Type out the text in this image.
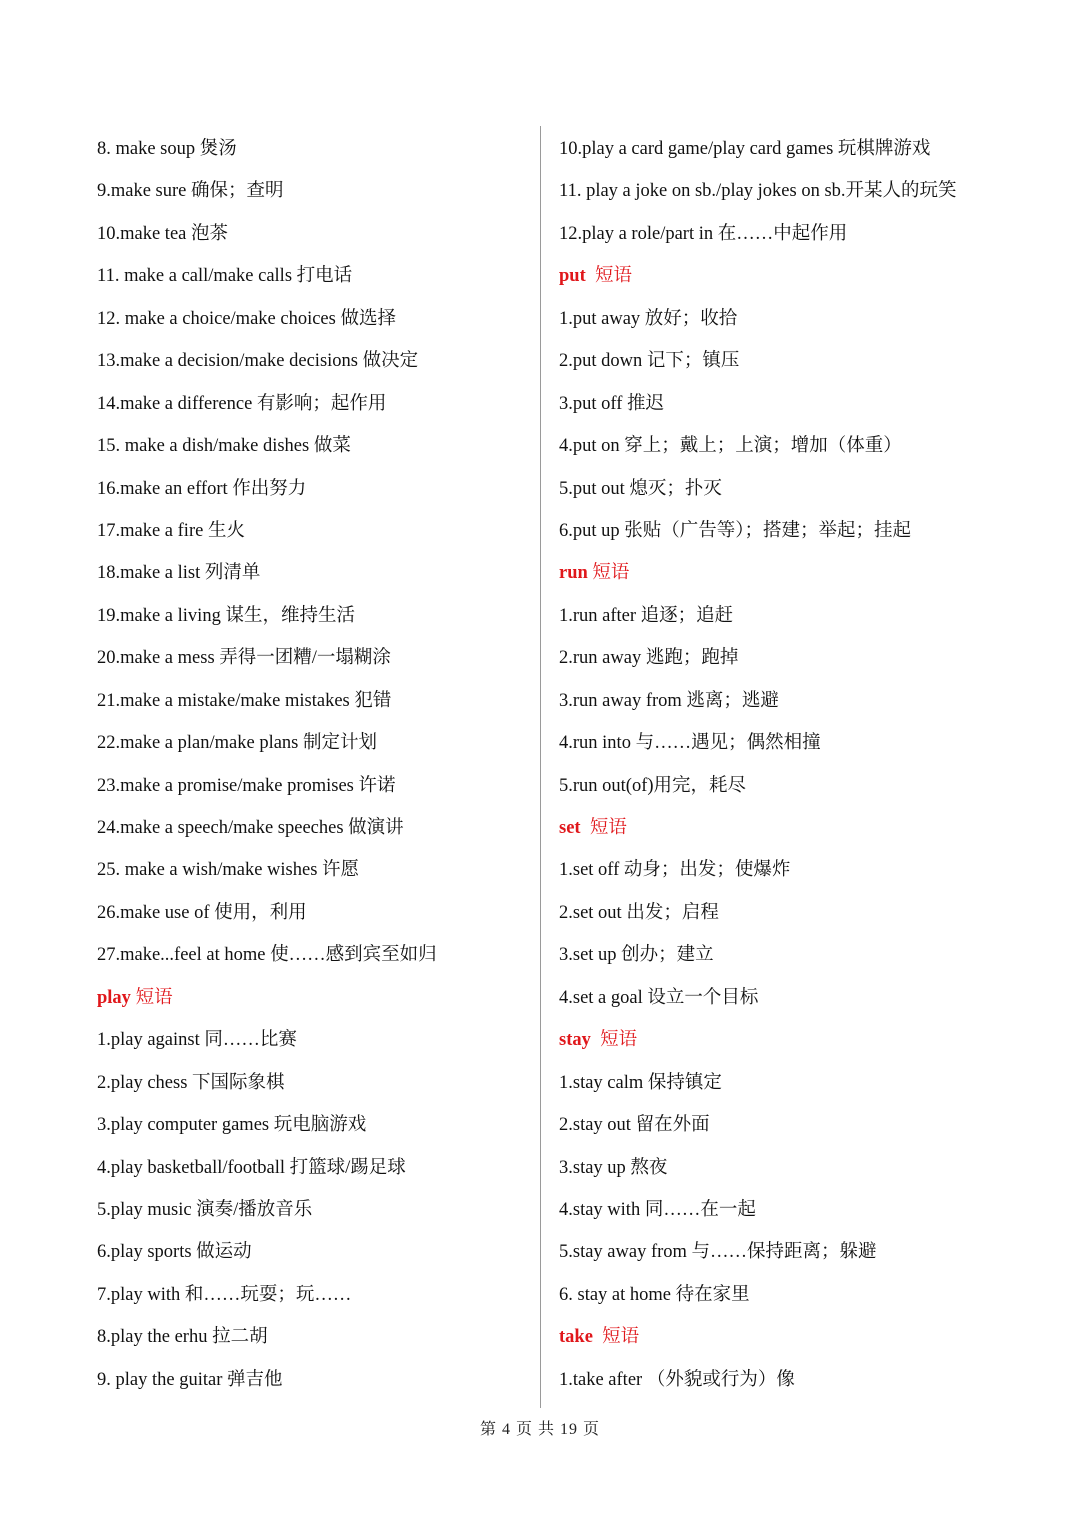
8. make soup 煲汤
9.make sure 确保；查明
10.make tea 泡茶
11. make a call/make calls 打电话
12. make a choice/make choices 做选择
13.make a decision/make decisions 做决定
14.make a difference 有影响；起作用
15. make a dish/make dishes 做菜
16.make an effort 作出努力
17.make a fire 生火
18.make a list 列清单
19.make a living 谋生，维持生活
20.make a mess 弄得一团糟/一塌糊涂
21.make a mistake/make mistakes 犯错
22.make a plan/make plans 制定计划
23.make a promise/make promises 许诺
24.make a speech/make speeches 做演讲
25. make a wish/make wishes 许愿
26.make use of 使用，利用
27.make...feel at home 使……感到宾至如归
play 短语
1.play against 同……比赛
2.play chess 下国际象棋
3.play computer games 玩电脑游戏
4.play basketball/football 打篮球/踢足球
5.play music 演奏/播放音乐
6.play sports 做运动
7.play with 和……玩耍；玩……
8.play the erhu 拉二胡
9. play the guitar 弹吉他
10.play a card game/play card games 玩棋牌游戏
11. play a joke on sb./play jokes on sb.开某人的玩笑
12.play a role/part in 在……中起作用
put  短语
1.put away 放好；收拾
2.put down 记下；镇压
3.put off 推迟
4.put on 穿上；戴上；上演；增加（体重）
5.put out 熄灭；扑灭
6.put up 张贴（广告等）；搭建；举起；挂起
run 短语
1.run after 追逐；追赶
2.run away 逃跑；跑掉
3.run away from 逃离；逃避
4.run into 与……遇见；偶然相撞
5.run out(of)用完，耗尽
set  短语
1.set off 动身；出发；使爆炸
2.set out 出发；启程
3.set up 创办；建立
4.set a goal 设立一个目标
stay  短语
1.stay calm 保持镇定
2.stay out 留在外面
3.stay up 熬夜
4.stay with 同……在一起
5.stay away from 与……保持距离；躲避
6. stay at home 待在家里
take  短语
1.take after （外貌或行为）像
第 4 页 共 19 页
